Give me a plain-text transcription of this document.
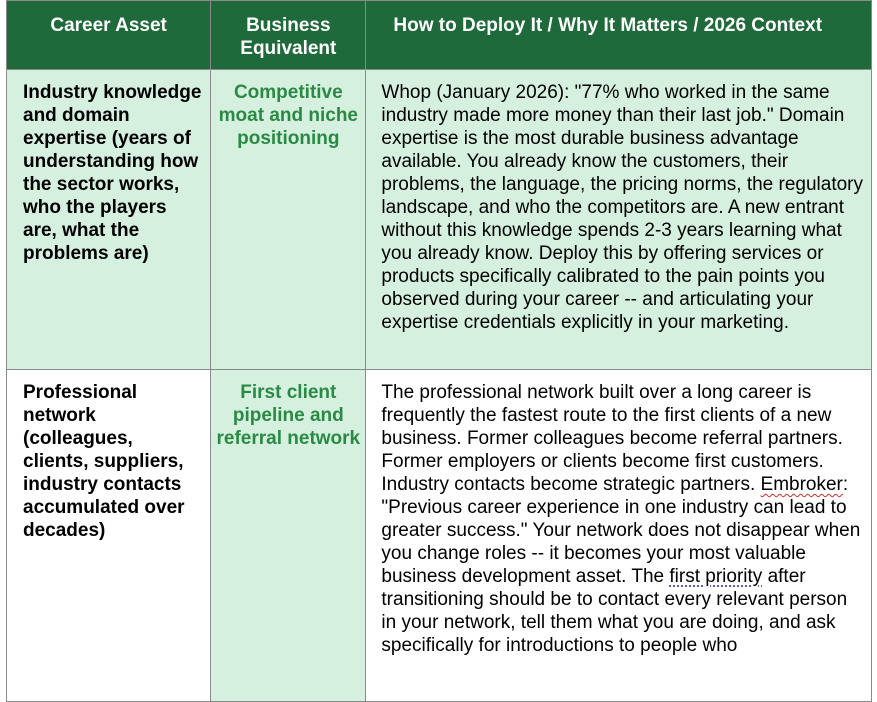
Career Asset	Business Equivalent	How to Deploy It / Why It Matters / 2026 Context
Industry knowledge and domain expertise (years of understanding how the sector works, who the players are, what the problems are)	Competitive moat and niche positioning	Whop (January 2026): "77% who worked in the same industry made more money than their last job." Domain expertise is the most durable business advantage available. You already know the customers, their problems, the language, the pricing norms, the regulatory landscape, and who the competitors are. A new entrant without this knowledge spends 2-3 years learning what you already know. Deploy this by offering services or products specifically calibrated to the pain points you observed during your career -- and articulating your expertise credentials explicitly in your marketing.
Professional network (colleagues, clients, suppliers, industry contacts accumulated over decades)	First client pipeline and referral network	The professional network built over a long career is frequently the fastest route to the first clients of a new business. Former colleagues become referral partners. Former employers or clients become first customers. Industry contacts become strategic partners. Embroker: "Previous career experience in one industry can lead to greater success." Your network does not disappear when you change roles -- it becomes your most valuable business development asset. The first priority after transitioning should be to contact every relevant person in your network, tell them what you are doing, and ask specifically for introductions to people who
